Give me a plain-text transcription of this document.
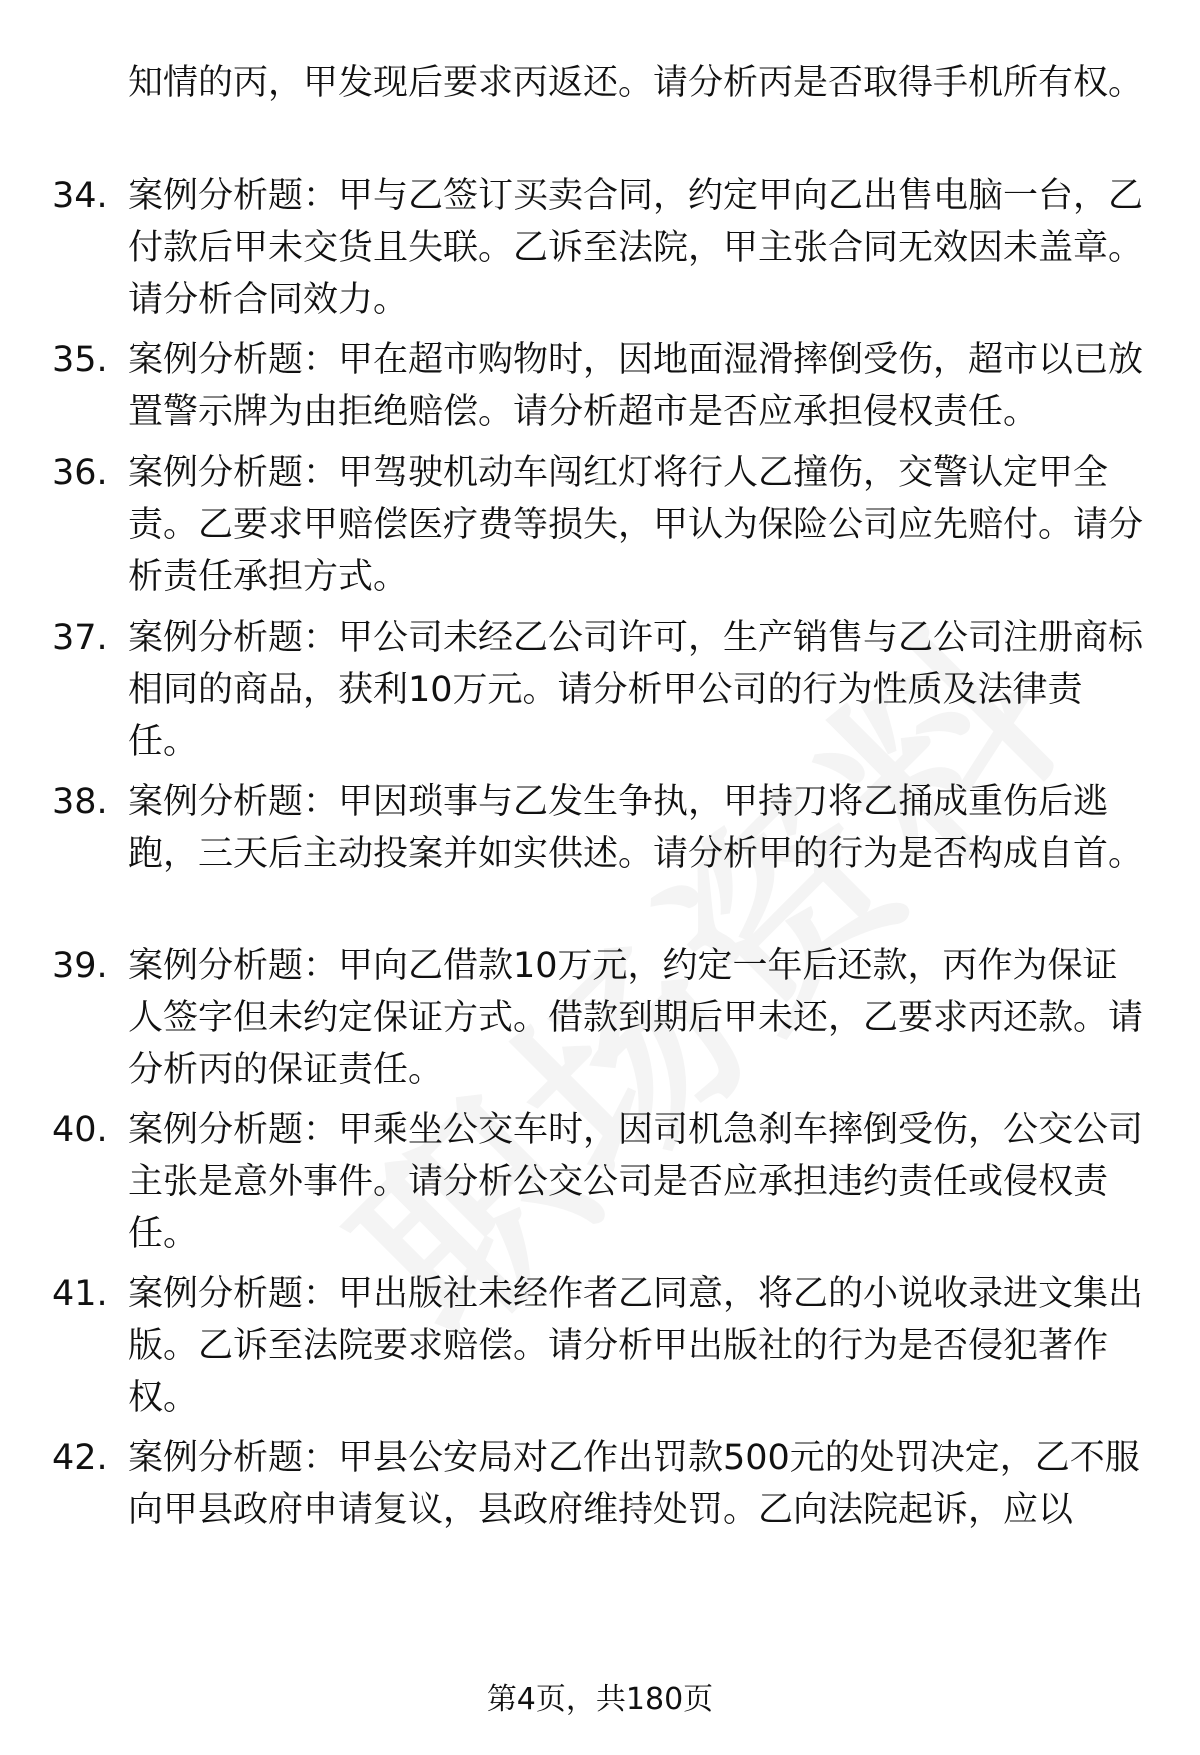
知情的丙，甲发现后要求丙返还。请分析丙是否取得手机所有权。

34. 案例分析题：甲与乙签订买卖合同，约定甲向乙出售电脑一台，乙付款后甲未交货且失联。乙诉至法院，甲主张合同无效因未盖章。请分析合同效力。

35. 案例分析题：甲在超市购物时，因地面湿滑摔倒受伤，超市以已放置警示牌为由拒绝赔偿。请分析超市是否应承担侵权责任。

36. 案例分析题：甲驾驶机动车闯红灯将行人乙撞伤，交警认定甲全责。乙要求甲赔偿医疗费等损失，甲认为保险公司应先赔付。请分析责任承担方式。

37. 案例分析题：甲公司未经乙公司许可，生产销售与乙公司注册商标相同的商品，获利10万元。请分析甲公司的行为性质及法律责任。

38. 案例分析题：甲因琐事与乙发生争执，甲持刀将乙捅成重伤后逃跑，三天后主动投案并如实供述。请分析甲的行为是否构成自首。

39. 案例分析题：甲向乙借款10万元，约定一年后还款，丙作为保证人签字但未约定保证方式。借款到期后甲未还，乙要求丙还款。请分析丙的保证责任。

40. 案例分析题：甲乘坐公交车时，因司机急刹车摔倒受伤，公交公司主张是意外事件。请分析公交公司是否应承担违约责任或侵权责任。

41. 案例分析题：甲出版社未经作者乙同意，将乙的小说收录进文集出版。乙诉至法院要求赔偿。请分析甲出版社的行为是否侵犯著作权。

42. 案例分析题：甲县公安局对乙作出罚款500元的处罚决定，乙不服向甲县政府申请复议，县政府维持处罚。乙向法院起诉，应以

第4页，共180页
